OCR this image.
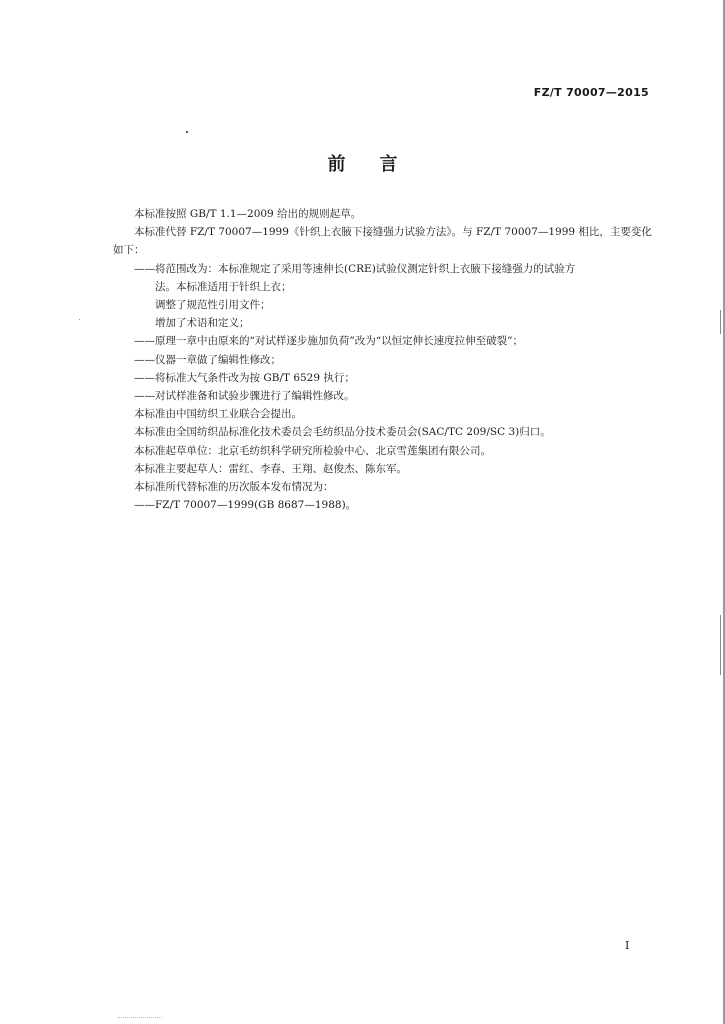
FZ/T 70007—2015
前言

本标准按照 GB/T 1.1—2009 给出的规则起草。

本标准代替 FZ/T 70007—1999《针织上衣腋下接缝强力试验方法》。与 FZ/T 70007—1999 相比，主要变化如下：

——将范围改为：本标准规定了采用等速伸长(CRE)试验仪测定针织上衣腋下接缝强力的试验方

法。本标准适用于针织上衣；

调整了规范性引用文件；

增加了术语和定义；

——原理一章中由原来的“对试样逐步施加负荷”改为“以恒定伸长速度拉伸至破裂”；

——仪器一章做了编辑性修改；

——将标准大气条件改为按 GB/T 6529 执行；

——对试样准备和试验步骤进行了编辑性修改。

本标准由中国纺织工业联合会提出。

本标准由全国纺织品标准化技术委员会毛纺织品分技术委员会(SAC/TC 209/SC 3)归口。

本标准起草单位：北京毛纺织科学研究所检验中心、北京雪莲集团有限公司。

本标准主要起草人：雷红、李春、王翔、赵俊杰、陈东军。

本标准所代替标准的历次版本发布情况为：

——FZ/T 70007—1999(GB 8687—1988)。

I
